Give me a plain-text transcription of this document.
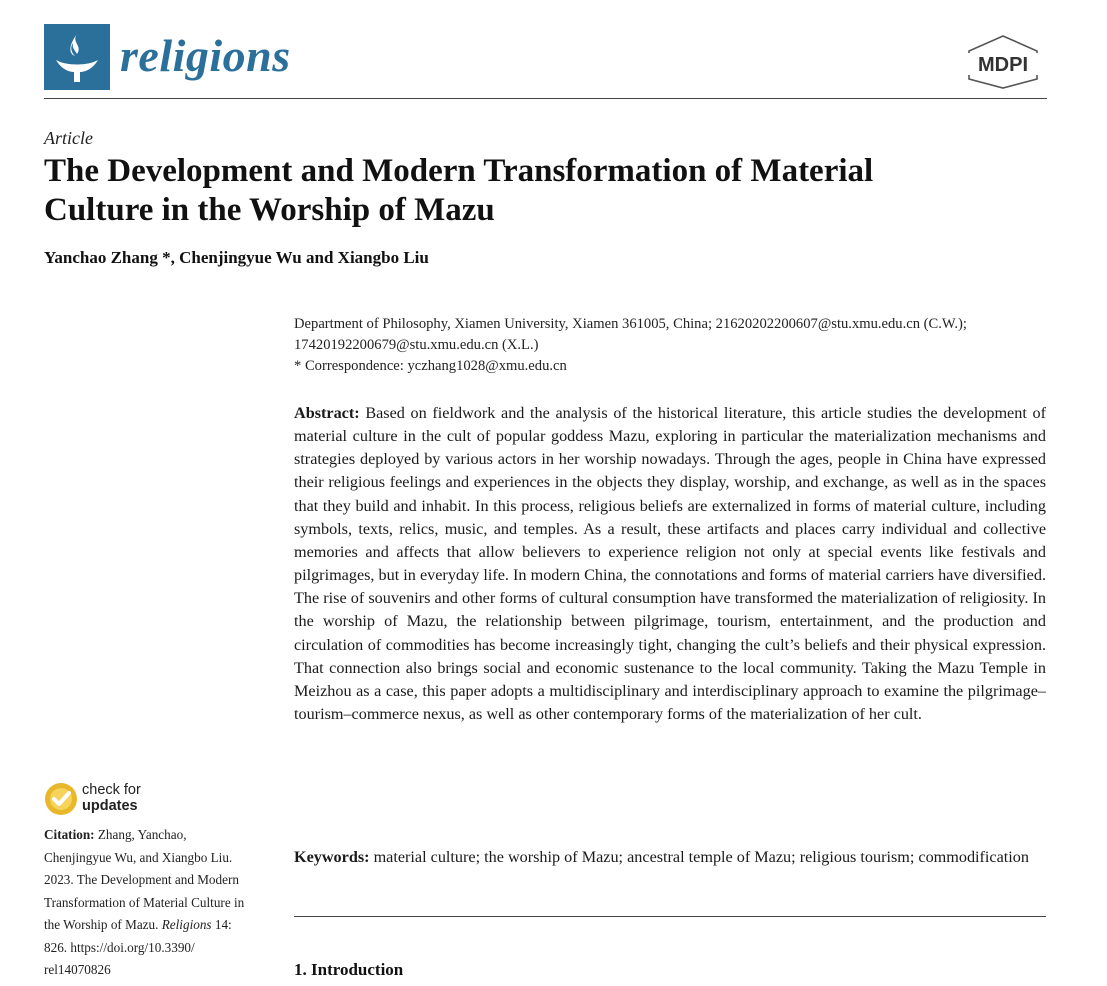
religions	MDPI
Article
The Development and Modern Transformation of Material
Culture in the Worship of Mazu
Yanchao Zhang *, Chenjingyue Wu and Xiangbo Liu
Department of Philosophy, Xiamen University, Xiamen 361005, China; 21620202200607@stu.xmu.edu.cn (C.W.);
17420192200679@stu.xmu.edu.cn (X.L.)
* Correspondence: yczhang1028@xmu.edu.cn
Abstract: Based on fieldwork and the analysis of the historical literature, this article studies the development of material culture in the cult of popular goddess Mazu, exploring in particular the materialization mechanisms and strategies deployed by various actors in her worship nowadays. Through the ages, people in China have expressed their religious feelings and experiences in the objects they display, worship, and exchange, as well as in the spaces that they build and inhabit. In this process, religious beliefs are externalized in forms of material culture, including symbols, texts, relics, music, and temples. As a result, these artifacts and places carry individual and collective memories and affects that allow believers to experience religion not only at special events like festivals and pilgrimages, but in everyday life. In modern China, the connotations and forms of material carriers have diversified. The rise of souvenirs and other forms of cultural consumption have transformed the materialization of religiosity. In the worship of Mazu, the relationship between pilgrimage, tourism, entertainment, and the production and circulation of commodities has become increasingly tight, changing the cult’s beliefs and their physical expression. That connection also brings social and economic sustenance to the local community. Taking the Mazu Temple in Meizhou as a case, this paper adopts a multidisciplinary and interdisciplinary approach to examine the pilgrimage–tourism–commerce nexus, as well as other contemporary forms of the materialization of her cult.
Keywords: material culture; the worship of Mazu; ancestral temple of Mazu; religious tourism; commodification
1. Introduction
check for
updates
Citation: Zhang, Yanchao,
Chenjingyue Wu, and Xiangbo Liu.
2023. The Development and Modern
Transformation of Material Culture in
the Worship of Mazu. Religions 14:
826. https://doi.org/10.3390/
rel14070826
